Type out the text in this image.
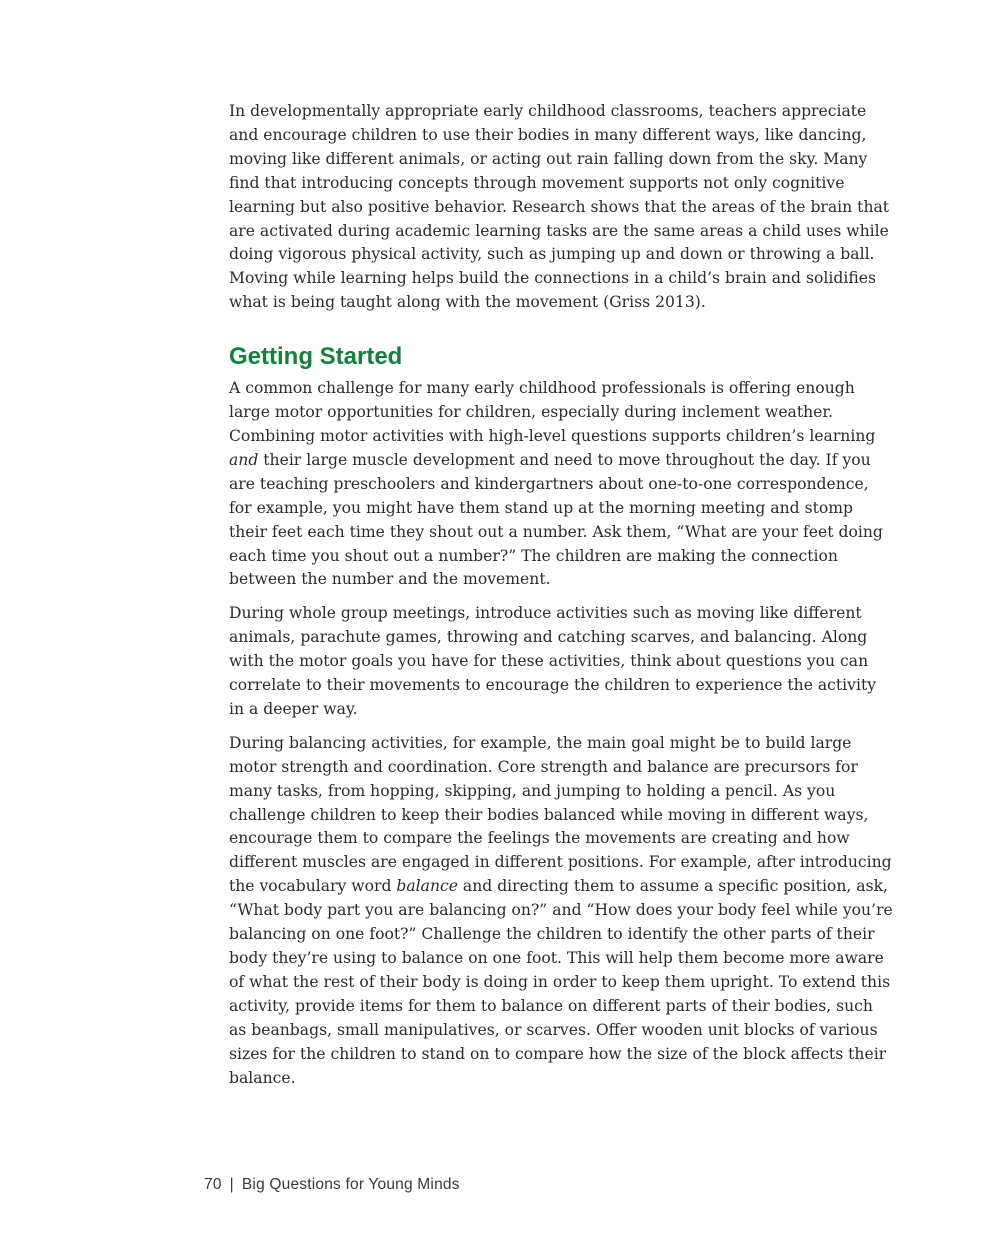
In developmentally appropriate early childhood classrooms, teachers appreciate and encourage children to use their bodies in many different ways, like dancing, moving like different animals, or acting out rain falling down from the sky. Many find that introducing concepts through movement supports not only cognitive learning but also positive behavior. Research shows that the areas of the brain that are activated during academic learning tasks are the same areas a child uses while doing vigorous physical activity, such as jumping up and down or throwing a ball. Moving while learning helps build the connections in a child’s brain and solidifies what is being taught along with the movement (Griss 2013).

Getting Started

A common challenge for many early childhood professionals is offering enough large motor opportunities for children, especially during inclement weather. Combining motor activities with high-level questions supports children’s learning and their large muscle development and need to move throughout the day. If you are teaching preschoolers and kindergartners about one-to-one correspondence, for example, you might have them stand up at the morning meeting and stomp their feet each time they shout out a number. Ask them, “What are your feet doing each time you shout out a number?” The children are making the connection between the number and the movement.

During whole group meetings, introduce activities such as moving like different animals, parachute games, throwing and catching scarves, and balancing. Along with the motor goals you have for these activities, think about questions you can correlate to their movements to encourage the children to experience the activity in a deeper way.

During balancing activities, for example, the main goal might be to build large motor strength and coordination. Core strength and balance are precursors for many tasks, from hopping, skipping, and jumping to holding a pencil. As you challenge children to keep their bodies balanced while moving in different ways, encourage them to compare the feelings the movements are creating and how different muscles are engaged in different positions. For example, after introducing the vocabulary word balance and directing them to assume a specific position, ask, “What body part you are balancing on?” and “How does your body feel while you’re balancing on one foot?” Challenge the children to identify the other parts of their body they’re using to balance on one foot. This will help them become more aware of what the rest of their body is doing in order to keep them upright. To extend this activity, provide items for them to balance on different parts of their bodies, such as beanbags, small manipulatives, or scarves. Offer wooden unit blocks of various sizes for the children to stand on to compare how the size of the block affects their balance.

70 | Big Questions for Young Minds
